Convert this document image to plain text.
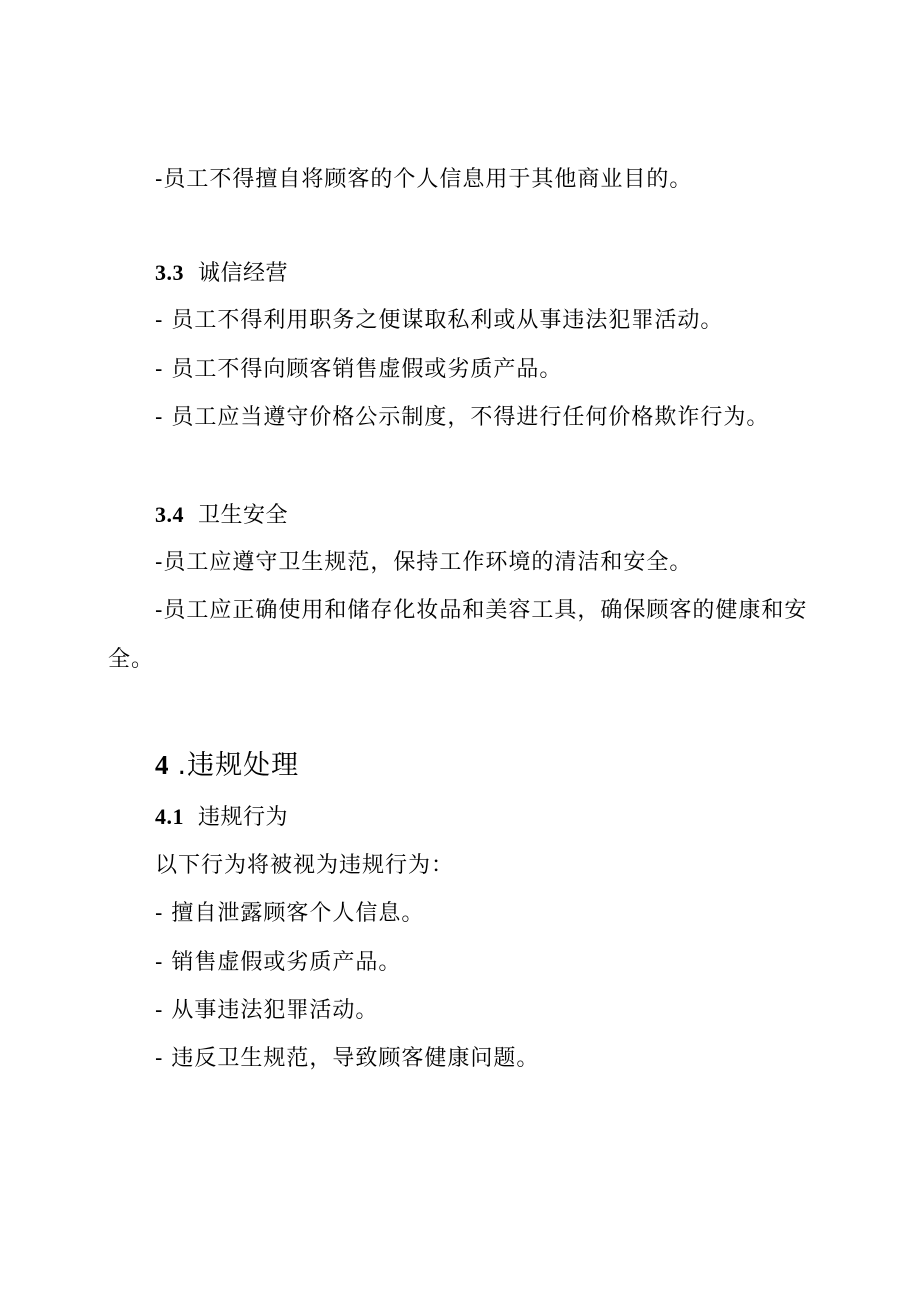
-员工不得擅自将顾客的个人信息用于其他商业目的。
3.3 诚信经营
- 员工不得利用职务之便谋取私利或从事违法犯罪活动。
- 员工不得向顾客销售虚假或劣质产品。
- 员工应当遵守价格公示制度，不得进行任何价格欺诈行为。
3.4 卫生安全
-员工应遵守卫生规范，保持工作环境的清洁和安全。
-员工应正确使用和储存化妆品和美容工具，确保顾客的健康和安
全。
4 .违规处理
4.1 违规行为
以下行为将被视为违规行为：
- 擅自泄露顾客个人信息。
- 销售虚假或劣质产品。
- 从事违法犯罪活动。
- 违反卫生规范，导致顾客健康问题。
